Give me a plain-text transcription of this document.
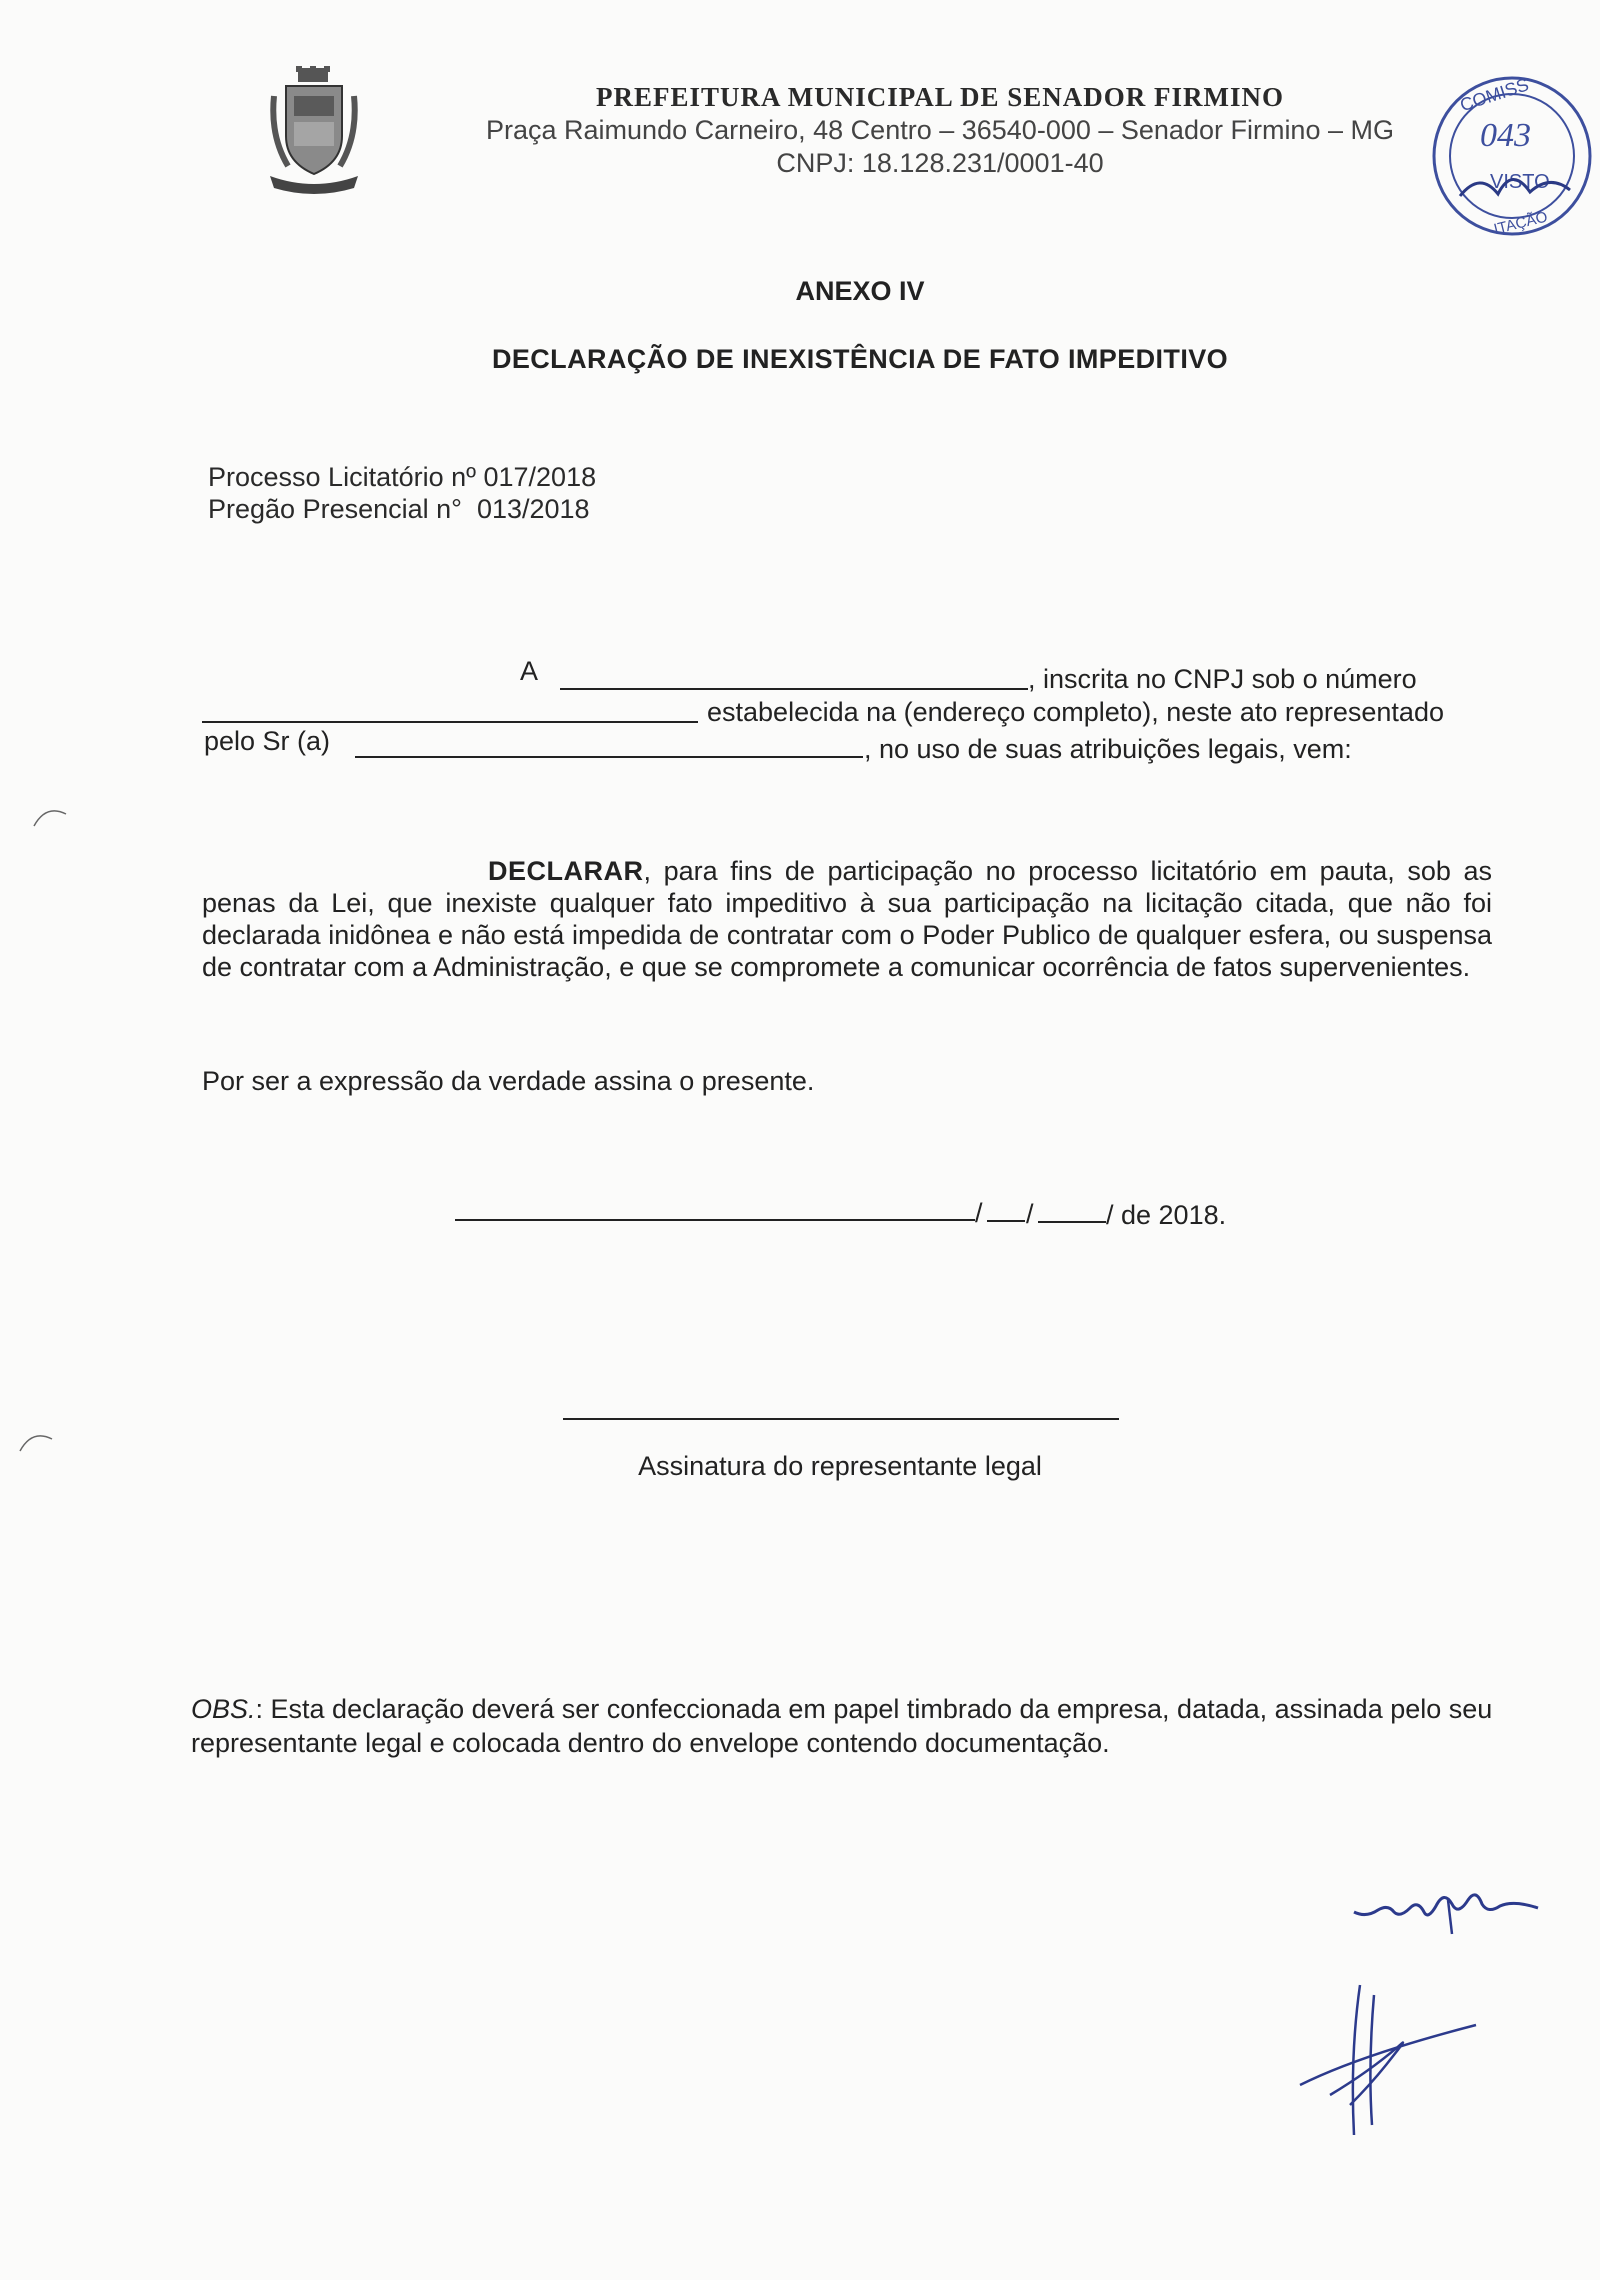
PREFEITURA MUNICIPAL DE SENADOR FIRMINO
Praça Raimundo Carneiro, 48 Centro – 36540-000 – Senador Firmino – MG
CNPJ: 18.128.231/0001-40
COMISS
043
VISTO
ITAÇÃO
ANEXO IV
DECLARAÇÃO DE INEXISTÊNCIA DE FATO IMPEDITIVO
Processo Licitatório nº 017/2018
Pregão Presencial n°  013/2018
A	, inscrita no CNPJ sob o número
estabelecida na (endereço completo), neste ato representado
pelo Sr (a)	, no uso de suas atribuições legais, vem:
DECLARAR, para fins de participação no processo licitatório em pauta, sob as penas da Lei, que inexiste qualquer fato impeditivo à sua participação na licitação citada, que não foi declarada inidônea e não está impedida de contratar com o Poder Publico de qualquer esfera, ou suspensa de contratar com a Administração, e que se compromete a comunicar ocorrência de fatos supervenientes.
Por ser a expressão da verdade assina o presente.
/ /	/ de 2018.
Assinatura do representante legal
OBS.: Esta declaração deverá ser confeccionada em papel timbrado da empresa, datada, assinada pelo seu representante legal e colocada dentro do envelope contendo documentação.
